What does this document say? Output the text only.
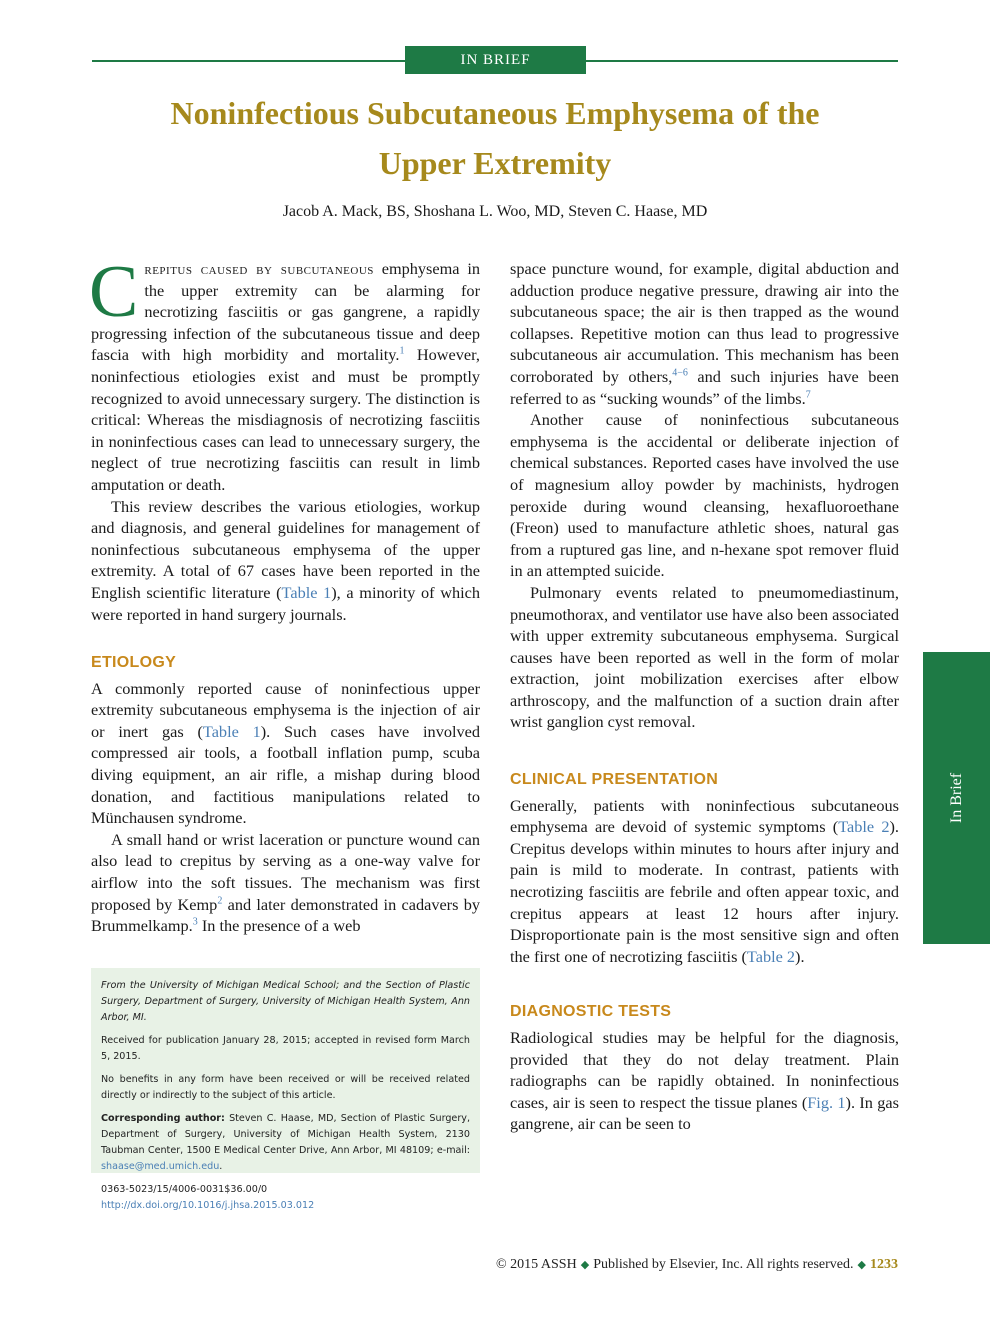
IN BRIEF
Noninfectious Subcutaneous Emphysema of the
Upper Extremity
Jacob A. Mack, BS, Shoshana L. Woo, MD, Steven C. Haase, MD

Crepitus caused by subcutaneous emphysema in the upper extremity can be alarming for necrotizing fasciitis or gas gangrene, a rapidly progressing infection of the subcutaneous tissue and deep fascia with high morbidity and mortality.$^1$ However, noninfectious etiologies exist and must be promptly recognized to avoid unnecessary surgery. The distinction is critical: Whereas the misdiagnosis of necrotizing fasciitis in noninfectious cases can lead to unnecessary surgery, the neglect of true necrotizing fasciitis can result in limb amputation or death.

This review describes the various etiologies, workup and diagnosis, and general guidelines for management of noninfectious subcutaneous emphysema of the upper extremity. A total of 67 cases have been reported in the English scientific literature (Table 1), a minority of which were reported in hand surgery journals.

ETIOLOGY

A commonly reported cause of noninfectious upper extremity subcutaneous emphysema is the injection of air or inert gas (Table 1). Such cases have involved compressed air tools, a football inflation pump, scuba diving equipment, an air rifle, a mishap during blood donation, and factitious manipulations related to Münchausen syndrome.

A small hand or wrist laceration or puncture wound can also lead to crepitus by serving as a one-way valve for airflow into the soft tissues. The mechanism was first proposed by Kemp$^2$ and later demonstrated in cadavers by Brummelkamp.$^3$ In the presence of a web

From the University of Michigan Medical School; and the Section of Plastic Surgery, Department of Surgery, University of Michigan Health System, Ann Arbor, MI.

Received for publication January 28, 2015; accepted in revised form March 5, 2015.

No benefits in any form have been received or will be received related directly or indirectly to the subject of this article.

Corresponding author: Steven C. Haase, MD, Section of Plastic Surgery, Department of Surgery, University of Michigan Health System, 2130 Taubman Center, 1500 E Medical Center Drive, Ann Arbor, MI 48109; e-mail: shaase@med.umich.edu.

0363-5023/15/4006-0031$36.00/0
http://dx.doi.org/10.1016/j.jhsa.2015.03.012

space puncture wound, for example, digital abduction and adduction produce negative pressure, drawing air into the subcutaneous space; the air is then trapped as the wound collapses. Repetitive motion can thus lead to progressive subcutaneous air accumulation. This mechanism has been corroborated by others,$^{4-6}$ and such injuries have been referred to as “sucking wounds” of the limbs.$^7$

Another cause of noninfectious subcutaneous emphysema is the accidental or deliberate injection of chemical substances. Reported cases have involved the use of magnesium alloy powder by machinists, hydrogen peroxide during wound cleansing, hexafluoroethane (Freon) used to manufacture athletic shoes, natural gas from a ruptured gas line, and n-hexane spot remover fluid in an attempted suicide.

Pulmonary events related to pneumomediastinum, pneumothorax, and ventilator use have also been associated with upper extremity subcutaneous emphysema. Surgical causes have been reported as well in the form of molar extraction, joint mobilization exercises after elbow arthroscopy, and the malfunction of a suction drain after wrist ganglion cyst removal.

CLINICAL PRESENTATION

Generally, patients with noninfectious subcutaneous emphysema are devoid of systemic symptoms (Table 2). Crepitus develops within minutes to hours after injury and pain is mild to moderate. In contrast, patients with necrotizing fasciitis are febrile and often appear toxic, and crepitus appears at least 12 hours after injury. Disproportionate pain is the most sensitive sign and often the first one of necrotizing fasciitis (Table 2).

DIAGNOSTIC TESTS

Radiological studies may be helpful for the diagnosis, provided that they do not delay treatment. Plain radiographs can be rapidly obtained. In noninfectious cases, air is seen to respect the tissue planes (Fig. 1). In gas gangrene, air can be seen to

In Brief
© 2015 ASSH ◆ Published by Elsevier, Inc. All rights reserved. ◆ 1233
